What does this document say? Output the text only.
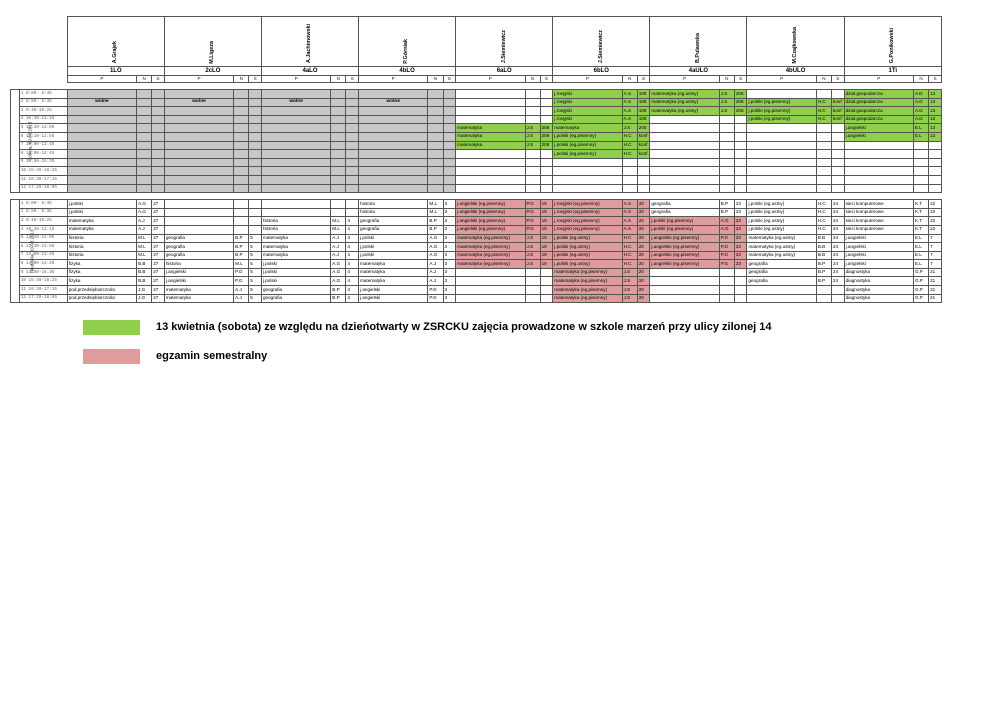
		A.Grajek			M.Ligeza			A.Jachimowski			P.Górniak			J.Siemiewicz			J.Siemiewicz			B.Pulawska			M.Czajkowska			G.Ponikowski		
		1LO			2cLO			4aLO			4bLO			6aLO			6bLO			4aULO			4bULO			1Ti		
		P	N	S	P	N	S	P	N	S	P	N	S	P	N	S	P	N	S	P	N	S	P	N	S	P	N	S

Sobota, 09.03.2013	1 8:00- 8:45																j.rosyjski	A.S	108	matematyka (eg.ustny)	J.S	206				dział.gospodarcza	A.D	13
	2 8:50- 9:35	wolne			wolne			wolne			wolne						j.rosyjski	A.S	108	matematyka (eg.ustny)	J.S	206	j.polski (eg.pisemny)	H.C	konf	dział.gospodarcza	A.D	13
	3 9:40-10:25																j.rosyjski	A.S	108	matematyka (eg.ustny)	J.S	206	j.polski (eg.pisemny)	H.C	konf	dział.gospodarcza	A.D	13
	4 10:30-11:15																j.rosyjski	A.S	108				j.polski (eg.pisemny)	H.C	konf	dział.gospodarcza	A.D	13
	5 11:20-12:05													matematyka	J.S	206	matematyka	J.S	206							j.angielski	E.L	13
	6 12:10-12:55													matematyka	J.S	206	j.polski (eg.pisemny)	H.C	konf							j.angielski	E.L	13
	7 13:00-13:45													matematyka	J.S	206	j.polski (eg.pisemny)	H.C	konf									
	8 14:00-14:45																j.polski (eg.pisemny)	H.C	konf									
	9 14:50-15:35																											
	10 15:40-16:25																											
	11 16:30-17:15																											
	12 17:20-18:05																											

Niedziela, 10.03.2013	1 8:00- 8:45	j.polski	A.G	27							historia	M.L	3	j.angielski (eg.pisemny)	P.G	19	j.rosyjski (eg.pisemny)	A.S	20	geografia	B.P	23	j.polski (eg.ustny)	H.C	24	sieci komputerowe	K.T	22
	2 8:50- 9:35	j.polski	A.G	27							historia	M.L	3	j.angielski (eg.pisemny)	P.G	19	j.rosyjski (eg.pisemny)	A.S	20	geografia	B.P	23	j.polski (eg.ustny)	H.C	24	sieci komputerowe	K.T	22
	3 9:40-10:25	matematyka	A.J	27				historia	M.L	4	geografia	B.P	3	j.angielski (eg.pisemny)	P.G	19	j.rosyjski (eg.pisemny)	A.S	20	j.polski (eg.pisemny)	A.G	23	j.polski (eg.ustny)	H.C	24	sieci komputerowe	K.T	22
	4 10:30-11:15	matematyka	A.J	27				historia	M.L	4	geografia	B.P	3	j.angielski (eg.pisemny)	P.G	19	j.rosyjski (eg.pisemny)	A.S	20	j.polski (eg.pisemny)	A.G	23	j.polski (eg.ustny)	H.C	24	sieci komputerowe	K.T	22
	5 11:20-12:05	historia	M.L	27	geografia	B.P	5	matematyka	A.J	4	j.polski	A.G	3	matematyka (eg.pisemny)	J.S	19	j.polski (eg.ustny)	H.C	20	j.angielski (eg.pisemny)	P.G	23	matematyka (eg.ustny)	B.B	24	j.angielski	E.L	7
	6 12:10-12:55	historia	M.L	27	geografia	B.P	5	matematyka	A.J	4	j.polski	A.G	3	matematyka (eg.pisemny)	J.S	19	j.polski (eg.ustny)	H.C	20	j.angielski (eg.pisemny)	P.G	23	matematyka (eg.ustny)	B.B	24	j.angielski	E.L	7
	7 13:00-13:45	historia	M.L	27	geografia	B.P	5	matematyka	A.J	4	j.polski	A.G	3	matematyka (eg.pisemny)	J.S	19	j.polski (eg.ustny)	H.C	20	j.angielski (eg.pisemny)	P.G	23	matematyka (eg.ustny)	B.B	24	j.angielski	E.L	7
	8 14:00-14:45	fizyka	B.B	27	historia	M.L	5	j.polski	A.G	4	matematyka	A.J	3	matematyka (eg.pisemny)	J.S	19	j.polski (eg.ustny)	H.C	20	j.angielski (eg.pisemny)	P.G	23	geografia	B.P	24	j.angielski	E.L	7
	9 14:50-15:35	fizyka	B.B	27	j.angielski	P.G	5	j.polski	A.G	4	matematyka	A.J	3				matematyka (eg.pisemny)	J.S	20				geografia	B.P	24	diagnostyka	G.P	21
	10 15:40-16:25	fizyka	B.B	27	j.angielski	P.G	5	j.polski	A.G	4	matematyka	A.J	3				matematyka (eg.pisemny)	J.S	20				geografia	B.P	24	diagnostyka	G.P	21
	11 16:30-17:15	pod.przedsiębiorczości	J.G	27	matematyka	A.J	5	geografia	B.P	4	j.angielski	P.G	3				matematyka (eg.pisemny)	J.S	20							diagnostyka	G.P	21
	12 17:20-18:05	pod.przedsiębiorczości	J.G	27	matematyka	A.J	5	geografia	B.P	4	j.angielski	P.G	3				matematyka (eg.pisemny)	J.S	20							diagnostyka	G.P	21
13 kwietnia (sobota) ze względu na dzieńotwarty w ZSRCKU zajęcia prowadzone w szkole marzeń przy ulicy zilonej 14
egzamin semestralny
